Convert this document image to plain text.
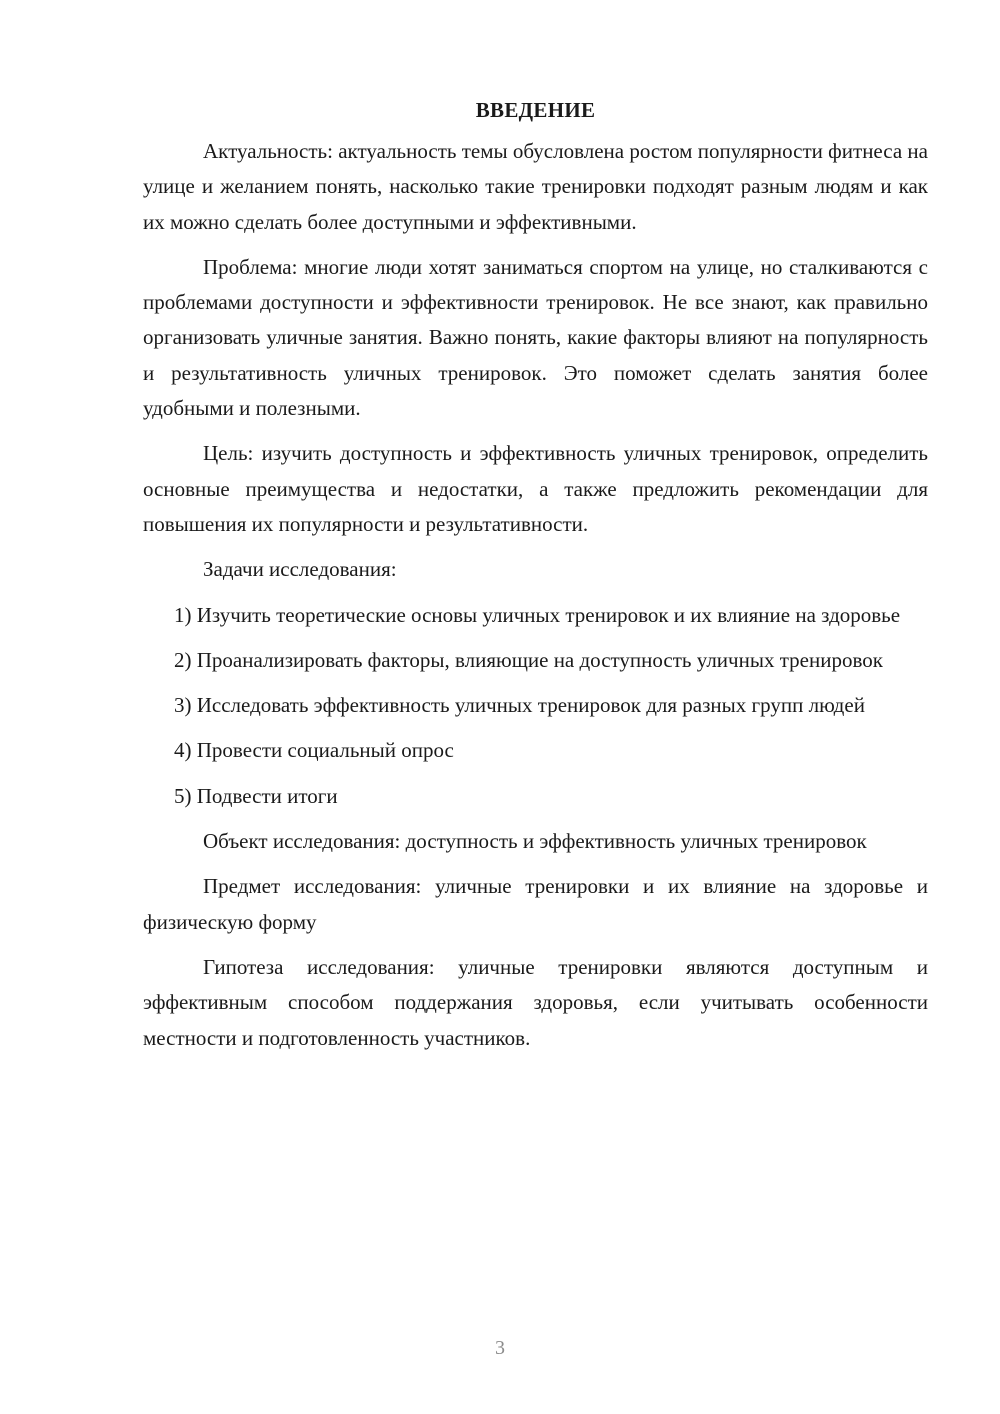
ВВЕДЕНИЕ

Актуальность: актуальность темы обусловлена ростом популярности фитнеса на улице и желанием понять, насколько такие тренировки подходят разным людям и как их можно сделать более доступными и эффективными.

Проблема: многие люди хотят заниматься спортом на улице, но сталкиваются с проблемами доступности и эффективности тренировок. Не все знают, как правильно организовать уличные занятия. Важно понять, какие факторы влияют на популярность и результативность уличных тренировок. Это поможет сделать занятия более удобными и полезными.

Цель: изучить доступность и эффективность уличных тренировок, определить основные преимущества и недостатки, а также предложить рекомендации для повышения их популярности и результативности.

Задачи исследования:

1) Изучить теоретические основы уличных тренировок и их влияние на здоровье

2) Проанализировать факторы, влияющие на доступность уличных тренировок

3) Исследовать эффективность уличных тренировок для разных групп людей

4) Провести социальный опрос

5) Подвести итоги

Объект исследования: доступность и эффективность уличных тренировок

Предмет исследования: уличные тренировки и их влияние на здоровье и физическую форму

Гипотеза исследования: уличные тренировки являются доступным и эффективным способом поддержания здоровья, если учитывать особенности местности и подготовленность участников.

3
